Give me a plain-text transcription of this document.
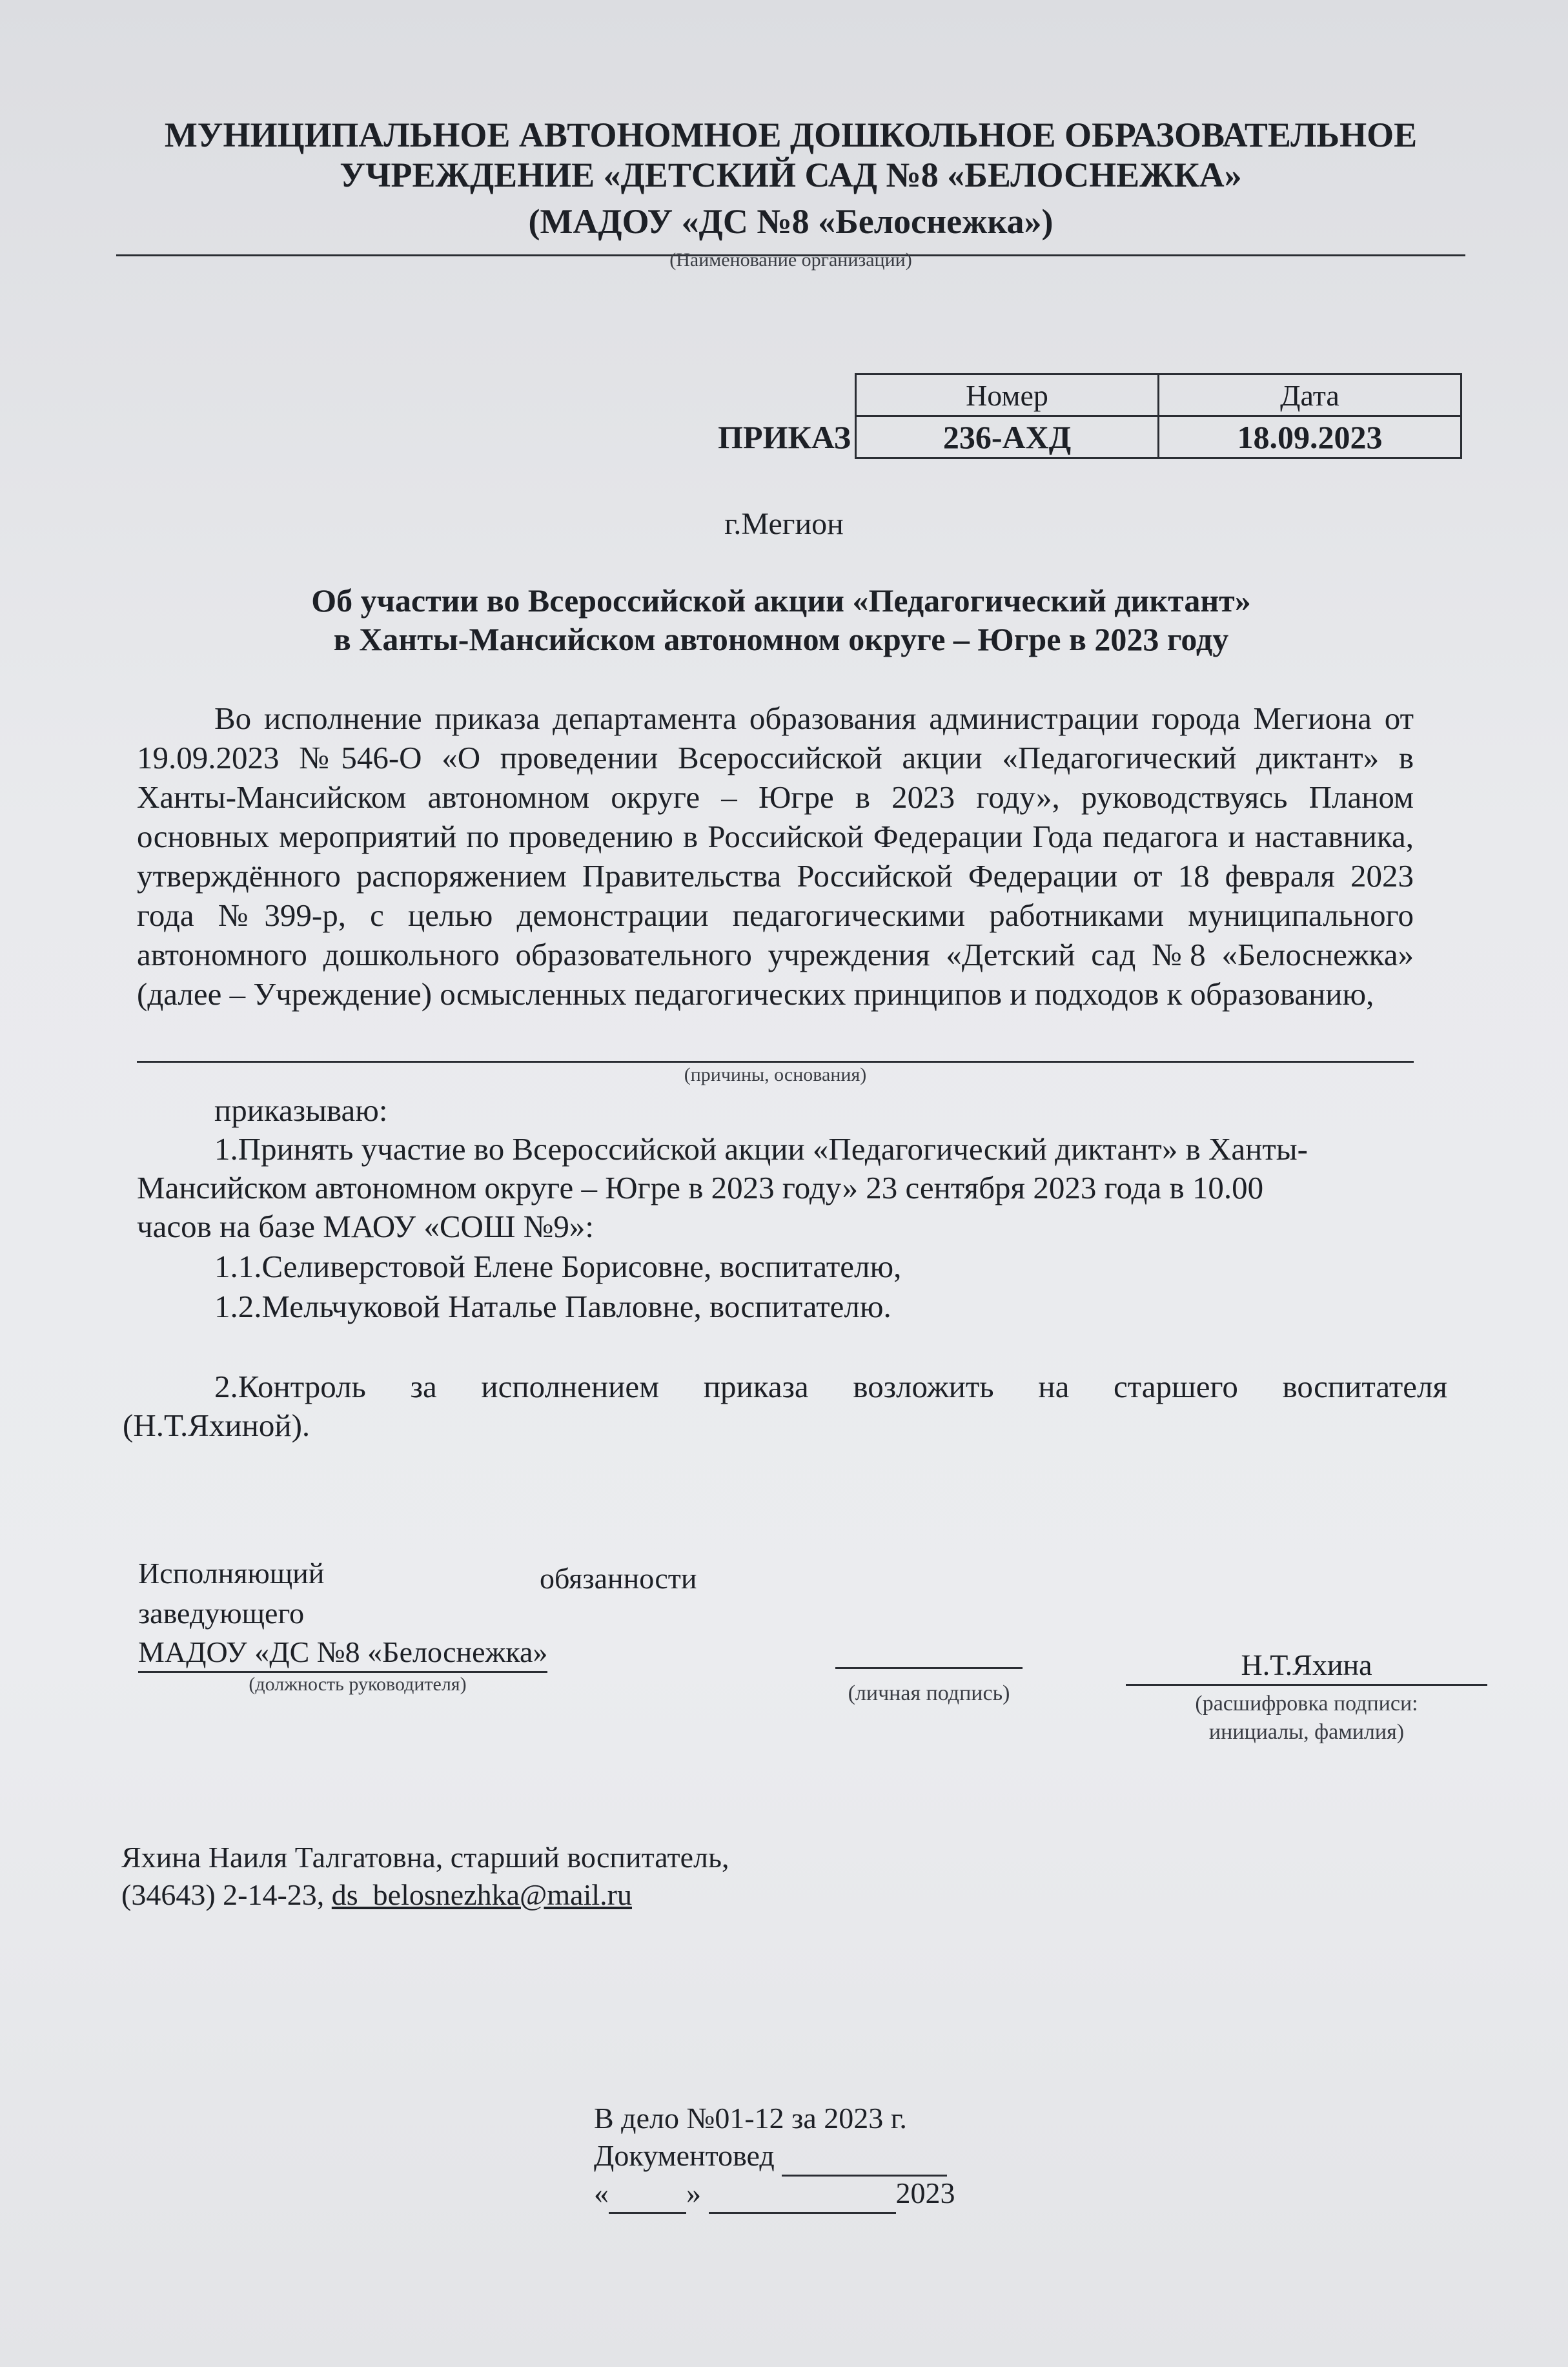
МУНИЦИПАЛЬНОЕ АВТОНОМНОЕ ДОШКОЛЬНОЕ ОБРАЗОВАТЕЛЬНОЕ
УЧРЕЖДЕНИЕ «ДЕТСКИЙ САД №8 «БЕЛОСНЕЖКА»
(МАДОУ «ДС №8 «Белоснежка»)
(Наименование организации)
ПРИКАЗ
Номер	Дата
236-АХД	18.09.2023
г.Мегион
Об участии во Всероссийской акции «Педагогический диктант»
в Ханты-Мансийском автономном округе – Югре в 2023 году
Во исполнение приказа департамента образования администрации города Мегиона от 19.09.2023 №546-О «О проведении Всероссийской акции «Педагогический диктант» в Ханты-Мансийском автономном округе – Югре в 2023 году», руководствуясь Планом основных мероприятий по проведению в Российской Федерации Года педагога и наставника, утверждённого распоряжением Правительства Российской Федерации от 18 февраля 2023 года №399-р, с целью демонстрации педагогическими работниками муниципального автономного дошкольного образовательного учреждения «Детский сад №8 «Белоснежка» (далее – Учреждение) осмысленных педагогических принципов и подходов к образованию,
(причины, основания)
приказываю:
1.Принять участие во Всероссийской акции «Педагогический диктант» в Ханты-
Мансийском автономном округе – Югре в 2023 году» 23 сентября 2023 года в 10.00
часов на базе МАОУ «СОШ №9»:
1.1.Селиверстовой Елене Борисовне, воспитателю,
1.2.Мельчуковой Наталье Павловне, воспитателю.
2.Контроль за исполнением приказа возложить на старшего воспитателя
(Н.Т.Яхиной).
Исполняющий	обязанности
заведующего
МАДОУ «ДС №8 «Белоснежка»
(должность руководителя)	(личная подпись)
Н.Т.Яхина
(расшифровка подписи:
инициалы, фамилия)
Яхина Наиля Талгатовна, старший воспитатель,
(34643) 2-14-23, ds_belosnezhka@mail.ru
В дело №01-12 за 2023 г.
Документовед
«	»	2023
